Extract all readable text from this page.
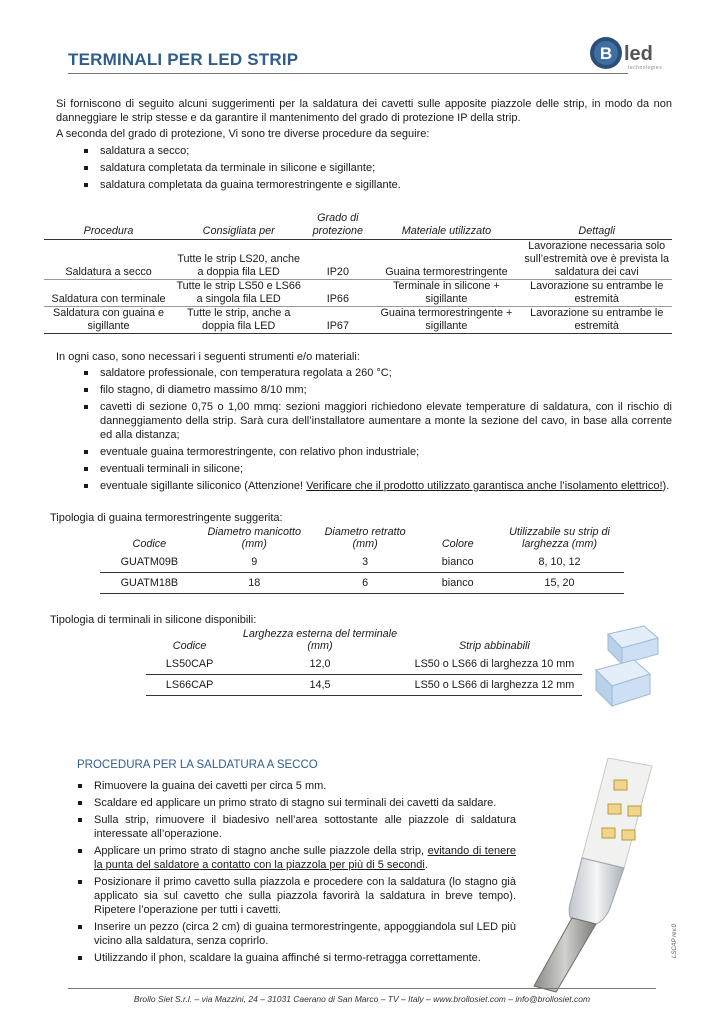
TERMINALI PER LED STRIP	B led
technologies
Si forniscono di seguito alcuni suggerimenti per la saldatura dei cavetti sulle apposite piazzole delle strip, in modo da non danneggiare le strip stesse e da garantire il mantenimento del grado di protezione IP della strip.
A seconda del grado di protezione, Vi sono tre diverse procedure da seguire:
saldatura a secco;
saldatura completata da terminale in silicone e sigillante;
saldatura completata da guaina termorestringente e sigillante.
Procedura	Consigliata per	Grado di protezione	Materiale utilizzato	Dettagli
Saldatura a secco	Tutte le strip LS20, anche a doppia fila LED	IP20	Guaina termorestringente	Lavorazione necessaria solo sull’estremità ove è prevista la saldatura dei cavi
Saldatura con terminale	Tutte le strip LS50 e LS66 a singola fila LED	IP66	Terminale in silicone + sigillante	Lavorazione su entrambe le estremità
Saldatura con guaina e sigillante	Tutte le strip, anche a doppia fila LED	IP67	Guaina termorestringente + sigillante	Lavorazione su entrambe le estremità
In ogni caso, sono necessari i seguenti strumenti e/o materiali:
saldatore professionale, con temperatura regolata a 260 °C;
filo stagno, di diametro massimo 8/10 mm;
cavetti di sezione 0,75 o 1,00 mmq: sezioni maggiori richiedono elevate temperature di saldatura, con il rischio di danneggiamento della strip. Sarà cura dell’installatore aumentare a monte la sezione del cavo, in base alla corrente ed alla distanza;
eventuale guaina termorestringente, con relativo phon industriale;
eventuali terminali in silicone;
eventuale sigillante siliconico (Attenzione! Verificare che il prodotto utilizzato garantisca anche l’isolamento elettrico!).
Tipologia di guaina termorestringente suggerita:
Codice	Diametro manicotto (mm)	Diametro retratto (mm)	Colore	Utilizzabile su strip di larghezza (mm)
GUATM09B	9	3	bianco	8, 10, 12
GUATM18B	18	6	bianco	15, 20
Tipologia di terminali in silicone disponibili:
Codice	Larghezza esterna del terminale (mm)	Strip abbinabili
LS50CAP	12,0	LS50 o LS66 di larghezza 10 mm
LS66CAP	14,5	LS50 o LS66 di larghezza 12 mm
PROCEDURA PER LA SALDATURA A SECCO
Rimuovere la guaina dei cavetti per circa 5 mm.
Scaldare ed applicare un primo strato di stagno sui terminali dei cavetti da saldare.
Sulla strip, rimuovere il biadesivo nell’area sottostante alle piazzole di saldatura interessate all’operazione.
Applicare un primo strato di stagno anche sulle piazzole della strip, evitando di tenere la punta del saldatore a contatto con la piazzola per più di 5 secondi.
Posizionare il primo cavetto sulla piazzola e procedere con la saldatura (lo stagno già applicato sia sul cavetto che sulla piazzola favorirà la saldatura in breve tempo). Ripetere l’operazione per tutti i cavetti.
Inserire un pezzo (circa 2 cm) di guaina termorestringente, appoggiandola sul LED più vicino alla saldatura, senza coprirlo.
Utilizzando il phon, scaldare la guaina affinché si termo-retragga correttamente.
Brollo Siet S.r.l. – via Mazzini, 24 – 31031 Caerano di San Marco – TV – Italy – www.brollosiet.com – info@brollosiet.com
LSCAP rev.0
